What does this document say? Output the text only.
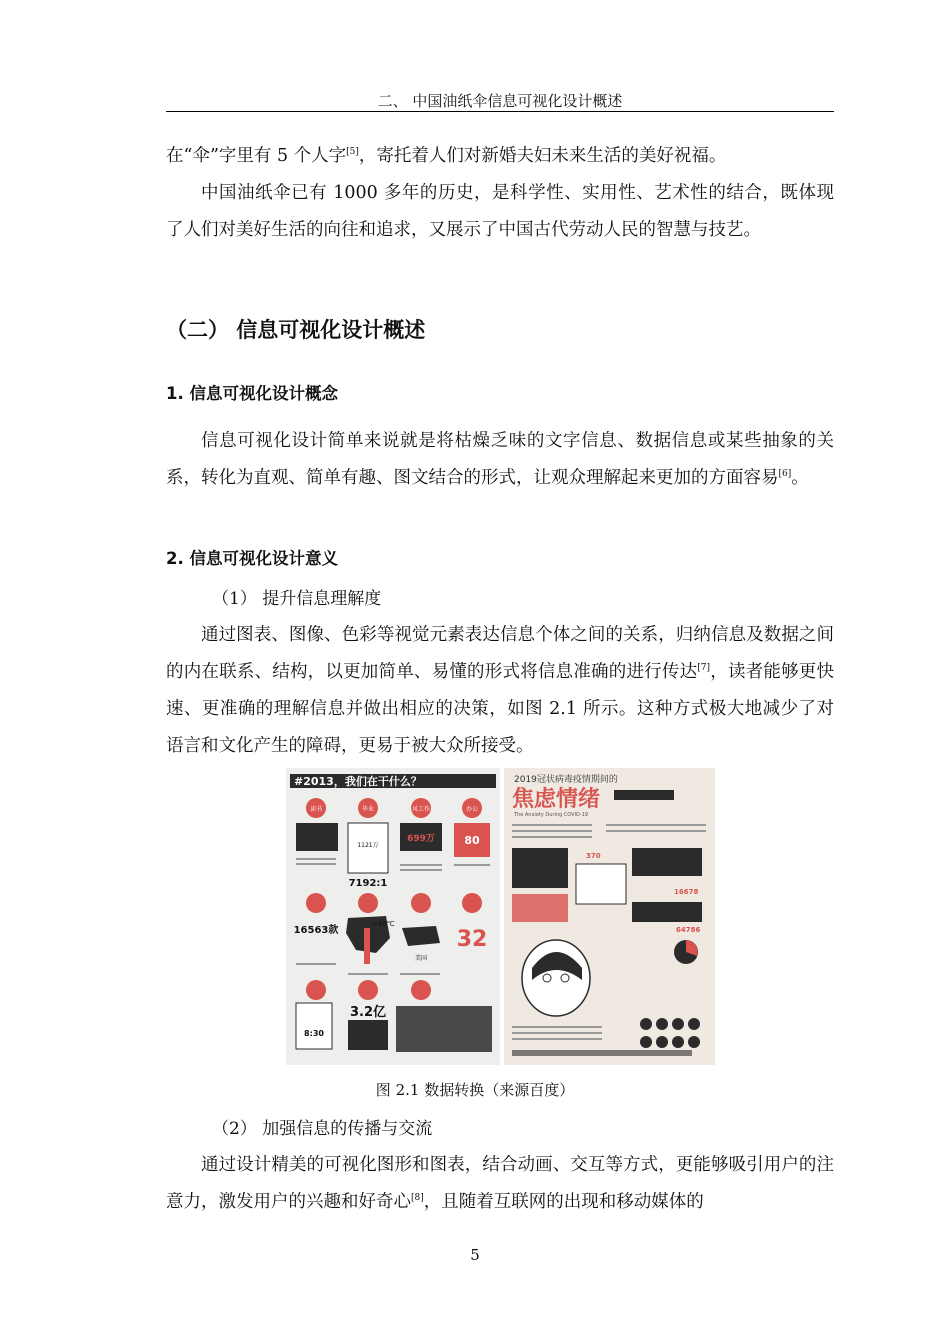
二、 中国油纸伞信息可视化设计概述
在“伞”字里有 5 个人字[5]，寄托着人们对新婚夫妇未来生活的美好祝福。
中国油纸伞已有 1000 多年的历史，是科学性、实用性、艺术性的结合，既体现了人们对美好生活的向往和追求，又展示了中国古代劳动人民的智慧与技艺。
（二） 信息可视化设计概述
1. 信息可视化设计概念
信息可视化设计简单来说就是将枯燥乏味的文字信息、数据信息或某些抽象的关系，转化为直观、简单有趣、图文结合的形式，让观众理解起来更加的方面容易[6]。
2. 信息可视化设计意义
（1） 提升信息理解度
通过图表、图像、色彩等视觉元素表达信息个体之间的关系，归纳信息及数据之间的内在联系、结构，以更加简单、易懂的形式将信息准确的进行传达[7]，读者能够更快速、更准确的理解信息并做出相应的决策，如图 2.1 所示。这种方式极大地减少了对语言和文化产生的障碍，更易于被大众所接受。
#2013，我们在干什么？
读书	毕业	风工作	办公
1121万
699万	80
7192:1
16563款
>40℃
美国
32
8:30
3.2亿
2019冠状病毒疫情期间的
焦虑情绪
The Anxiety During COVID-19
370
16678
64786
图 2.1 数据转换（来源百度）
（2） 加强信息的传播与交流
通过设计精美的可视化图形和图表，结合动画、交互等方式，更能够吸引用户的注意力，激发用户的兴趣和好奇心[8]，且随着互联网的出现和移动媒体的
5
